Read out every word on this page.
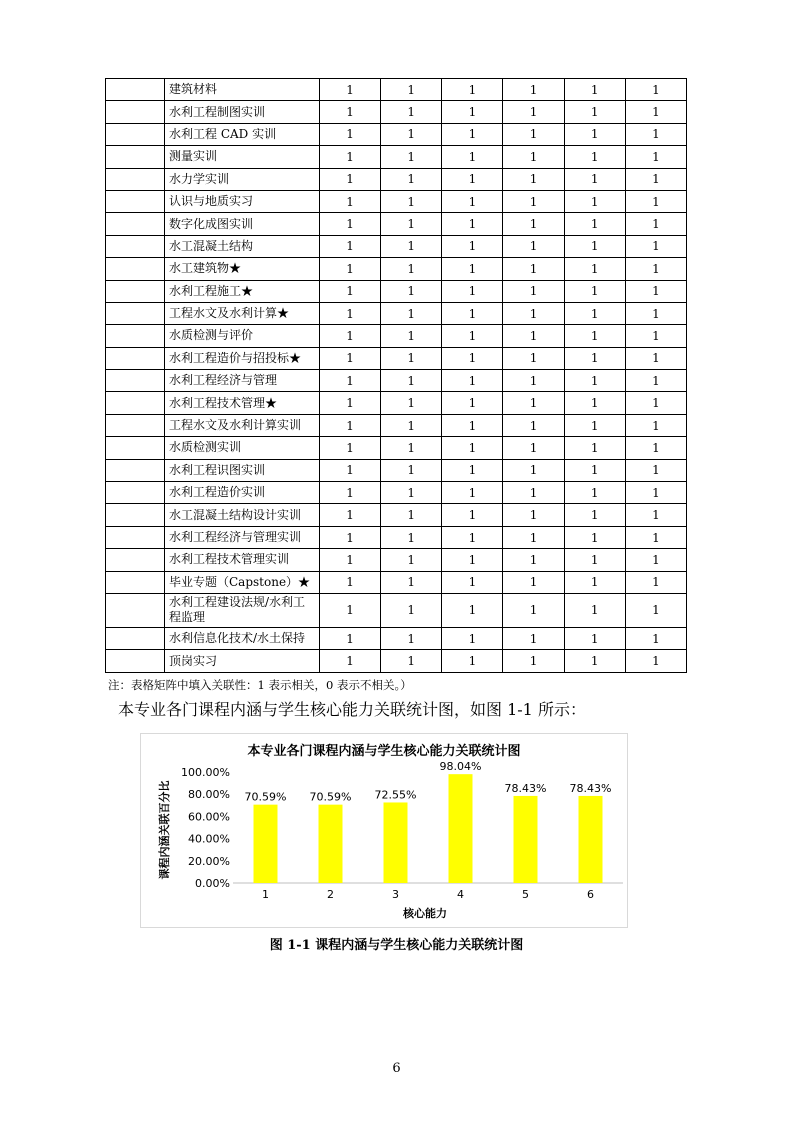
	建筑材料	1	1	1	1	1	1
	水利工程制图实训	1	1	1	1	1	1
	水利工程 CAD 实训	1	1	1	1	1	1
	测量实训	1	1	1	1	1	1
	水力学实训	1	1	1	1	1	1
	认识与地质实习	1	1	1	1	1	1
	数字化成图实训	1	1	1	1	1	1
	水工混凝土结构	1	1	1	1	1	1
	水工建筑物★	1	1	1	1	1	1
	水利工程施工★	1	1	1	1	1	1
	工程水文及水利计算★	1	1	1	1	1	1
	水质检测与评价	1	1	1	1	1	1
	水利工程造价与招投标★	1	1	1	1	1	1
	水利工程经济与管理	1	1	1	1	1	1
	水利工程技术管理★	1	1	1	1	1	1
	工程水文及水利计算实训	1	1	1	1	1	1
	水质检测实训	1	1	1	1	1	1
	水利工程识图实训	1	1	1	1	1	1
	水利工程造价实训	1	1	1	1	1	1
	水工混凝土结构设计实训	1	1	1	1	1	1
	水利工程经济与管理实训	1	1	1	1	1	1
	水利工程技术管理实训	1	1	1	1	1	1
	毕业专题（Capstone）★	1	1	1	1	1	1
	水利工程建设法规/水利工程监理	1	1	1	1	1	1
	水利信息化技术/水土保持	1	1	1	1	1	1
	顶岗实习	1	1	1	1	1	1
注：表格矩阵中填入关联性：1 表示相关，0 表示不相关。）
本专业各门课程内涵与学生核心能力关联统计图，如图 1-1 所示：
本专业各门课程内涵与学生核心能力关联统计图
课程内涵关联百分比
核心能力
0.00%
20.00%
40.00%
60.00%
80.00%
100.00%
70.59%
1
70.59%
2
72.55%
3
98.04%
4
78.43%
5
78.43%
6
图 1-1 课程内涵与学生核心能力关联统计图
6
